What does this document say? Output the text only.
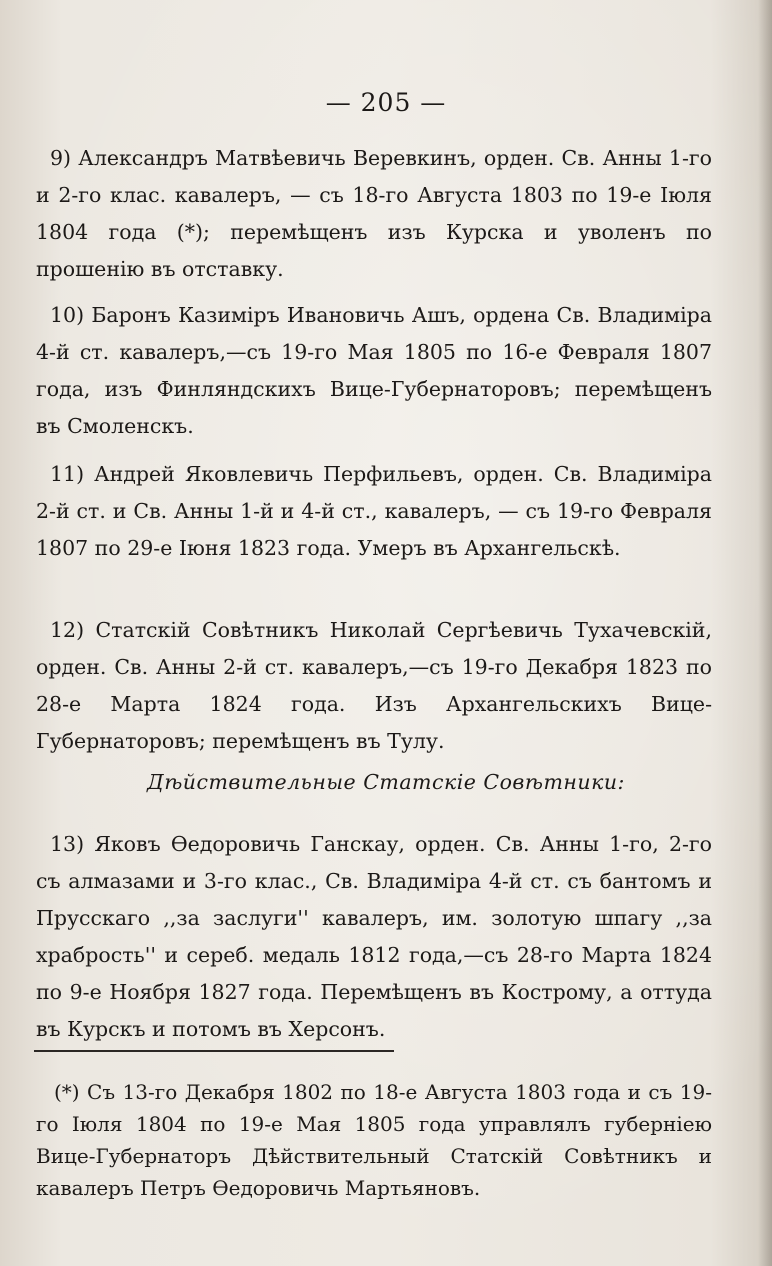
— 205 —

9) Александръ Матвѣевичь Веревкинъ, орден. Св. Анны 1-го и 2-го клас. кавалеръ, — съ 18-го Августа 1803 по 19-е Іюля 1804 года (*); перемѣщенъ изъ Курска и уволенъ по прошенію въ отставку.

10) Баронъ Казиміръ Ивановичь Ашъ, ордена Св. Владиміра 4-й ст. кавалеръ,—съ 19-го Мая 1805 по 16-е Февраля 1807 года, изъ Финляндскихъ Вице-Губернаторовъ; перемѣщенъ въ Смоленскъ.

11) Андрей Яковлевичь Перфильевъ, орден. Св. Владиміра 2-й ст. и Св. Анны 1-й и 4-й ст., кавалеръ, — съ 19-го Февраля 1807 по 29-е Іюня 1823 года. Умеръ въ Архангельскѣ.

12) Статскій Совѣтникъ Николай Сергѣевичь Тухачевскій, орден. Св. Анны 2-й ст. кавалеръ,—съ 19-го Декабря 1823 по 28-е Марта 1824 года. Изъ Архангельскихъ Вице-Губернаторовъ; перемѣщенъ въ Тулу.

Дѣйствительные Статскіе Совѣтники:

13) Яковъ Ѳедоровичь Ганскау, орден. Св. Анны 1-го, 2-го съ алмазами и 3-го клас., Св. Владиміра 4-й ст. съ бантомъ и Прусскаго ,,за заслуги'' кавалеръ, им. золотую шпагу ,,за храбрость'' и сереб. медаль 1812 года,—съ 28-го Марта 1824 по 9-е Ноября 1827 года. Перемѣщенъ въ Кострому, а оттуда въ Курскъ и потомъ въ Херсонъ.

(*) Съ 13-го Декабря 1802 по 18-е Августа 1803 года и съ 19-го Іюля 1804 по 19-е Мая 1805 года управлялъ губерніею Вице-Губернаторъ Дѣйствительный Статскій Совѣтникъ и кавалеръ Петръ Ѳедоровичь Мартьяновъ.
